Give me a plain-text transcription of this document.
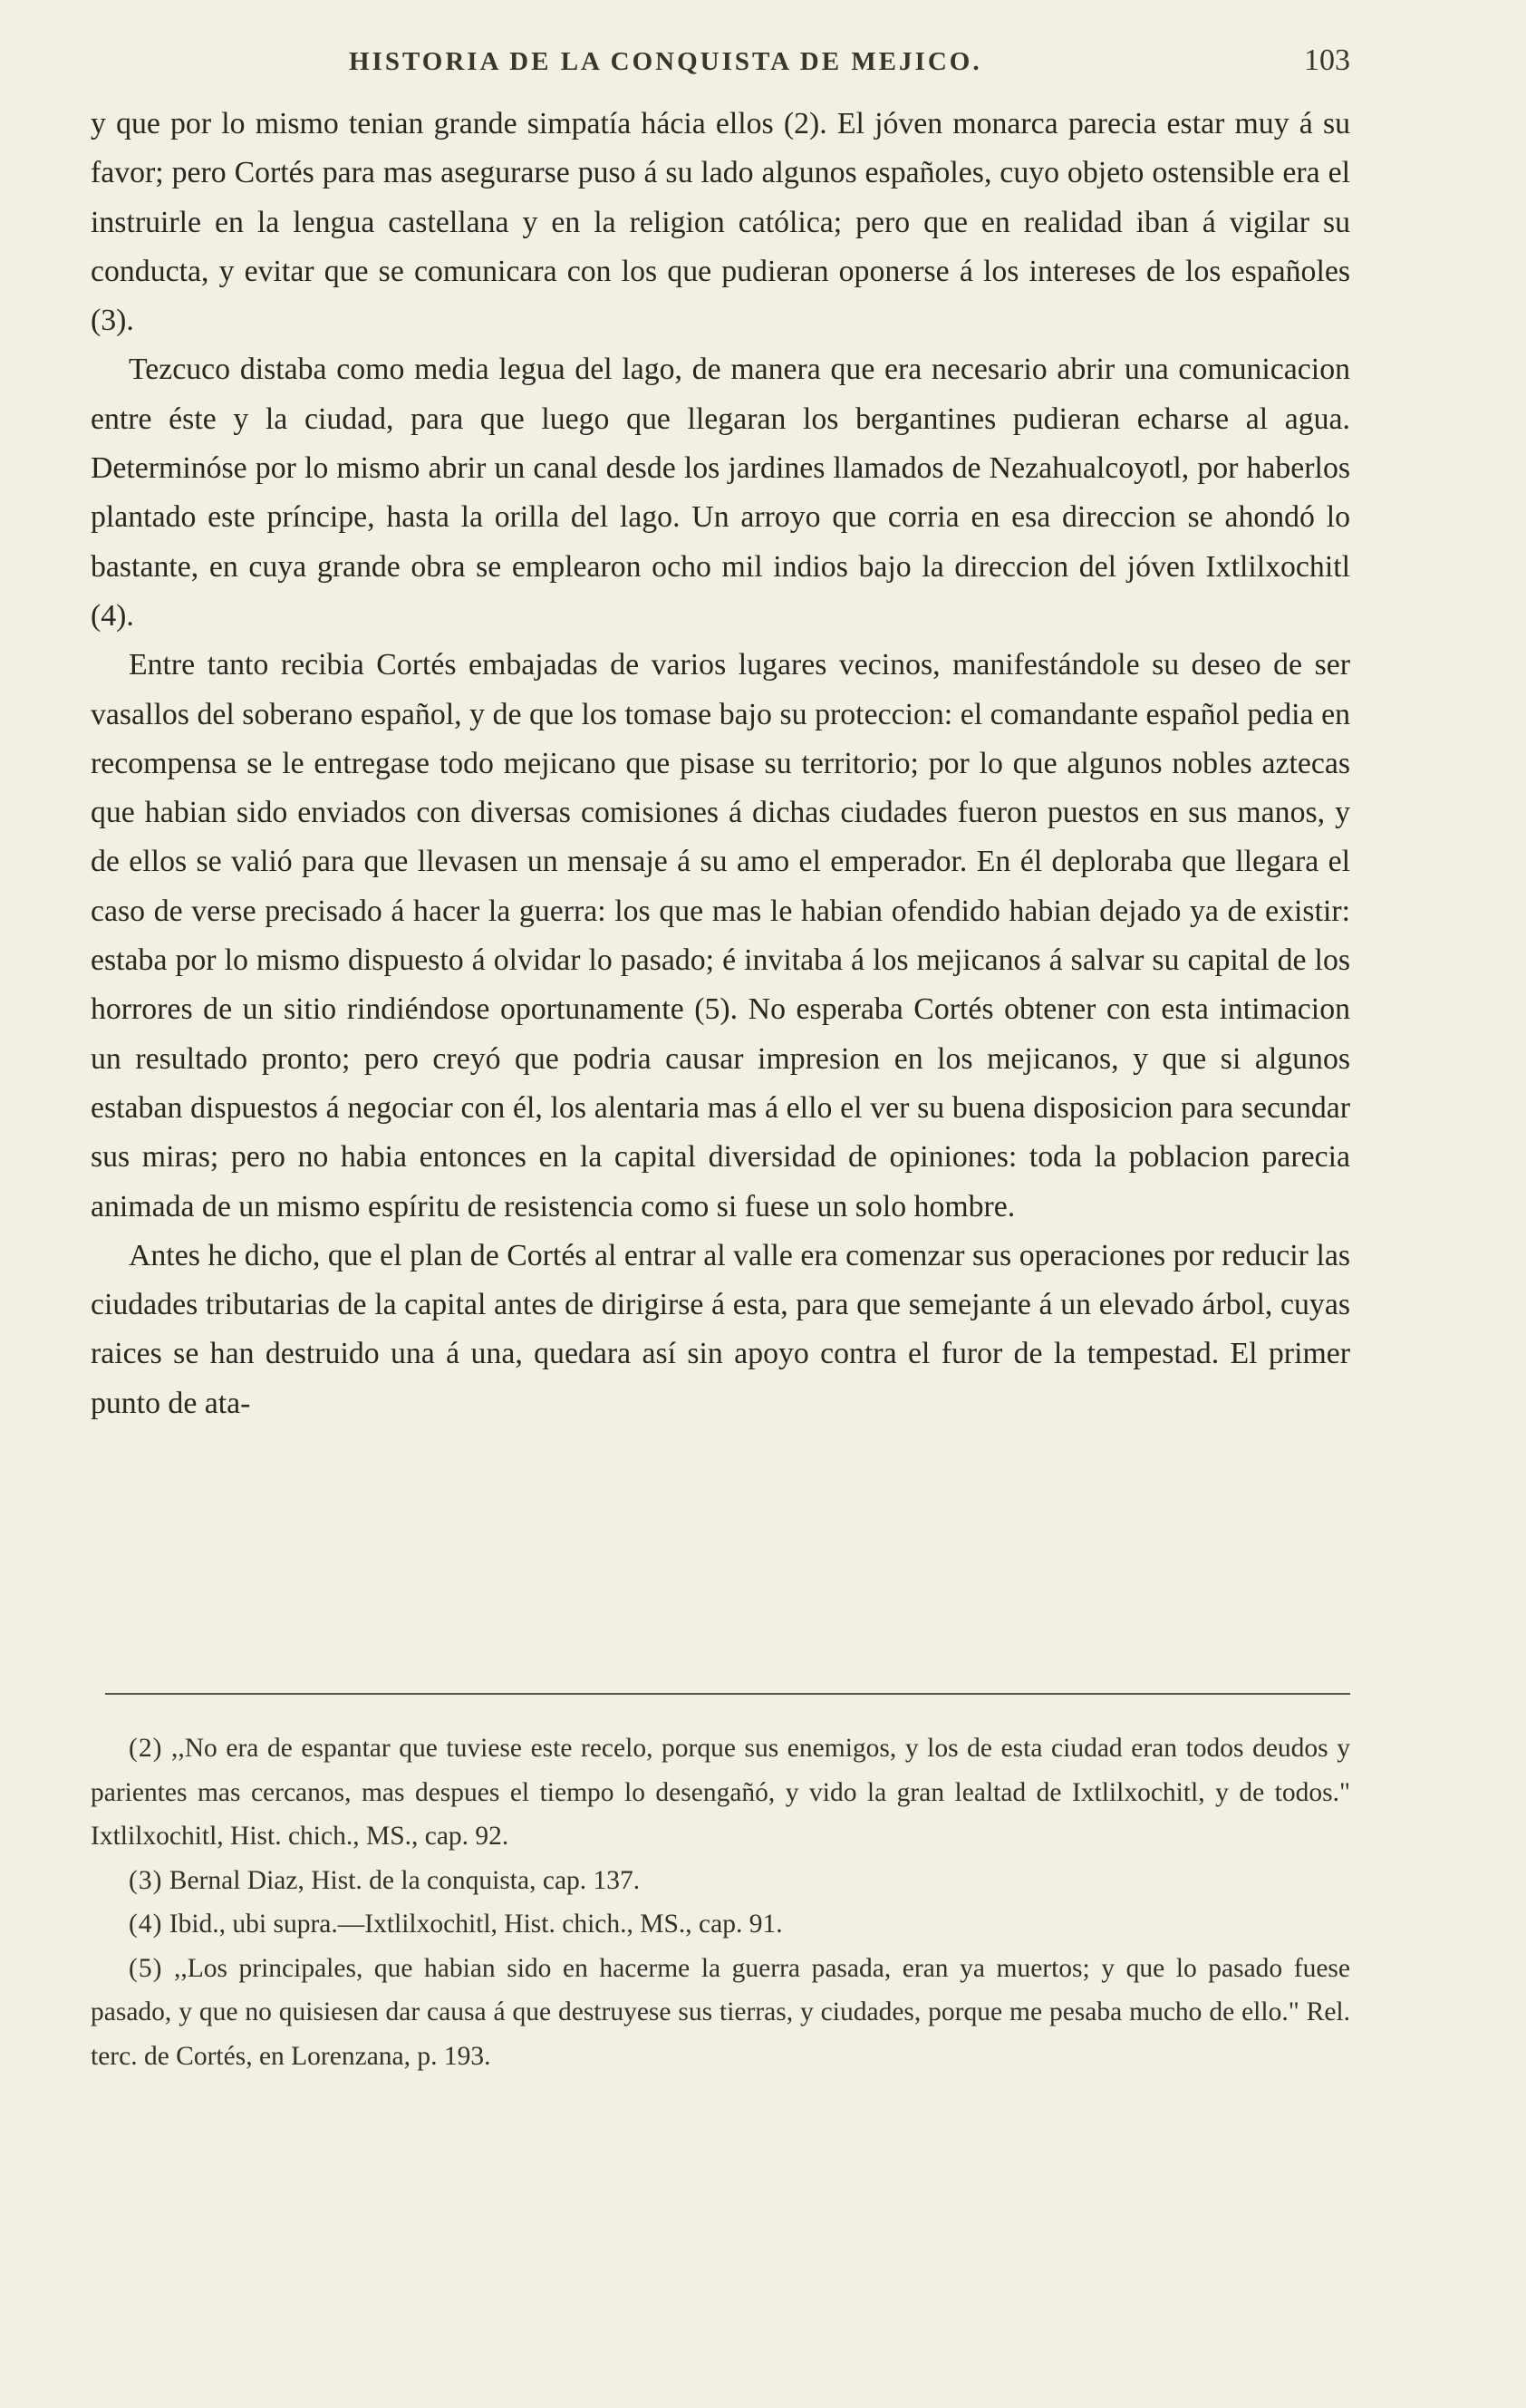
HISTORIA DE LA CONQUISTA DE MEJICO.	103

y que por lo mismo tenian grande simpatía hácia ellos (2). El jóven monarca parecia estar muy á su favor; pero Cortés para mas asegurarse puso á su lado algunos españoles, cuyo objeto ostensible era el instruirle en la lengua castellana y en la religion católica; pero que en realidad iban á vigilar su conducta, y evitar que se comunicara con los que pudieran oponerse á los intereses de los españoles (3).

Tezcuco distaba como media legua del lago, de manera que era necesario abrir una comunicacion entre éste y la ciudad, para que luego que llegaran los bergantines pudieran echarse al agua. Determinóse por lo mismo abrir un canal desde los jardines llamados de Nezahualcoyotl, por haberlos plantado este príncipe, hasta la orilla del lago. Un arroyo que corria en esa direccion se ahondó lo bastante, en cuya grande obra se emplearon ocho mil indios bajo la direccion del jóven Ixtlilxochitl (4).

Entre tanto recibia Cortés embajadas de varios lugares vecinos, manifestándole su deseo de ser vasallos del soberano español, y de que los tomase bajo su proteccion: el comandante español pedia en recompensa se le entregase todo mejicano que pisase su territorio; por lo que algunos nobles aztecas que habian sido enviados con diversas comisiones á dichas ciudades fueron puestos en sus manos, y de ellos se valió para que llevasen un mensaje á su amo el emperador. En él deploraba que llegara el caso de verse precisado á hacer la guerra: los que mas le habian ofendido habian dejado ya de existir: estaba por lo mismo dispuesto á olvidar lo pasado; é invitaba á los mejicanos á salvar su capital de los horrores de un sitio rindiéndose oportunamente (5). No esperaba Cortés obtener con esta intimacion un resultado pronto; pero creyó que podria causar impresion en los mejicanos, y que si algunos estaban dispuestos á negociar con él, los alentaria mas á ello el ver su buena disposicion para secundar sus miras; pero no habia entonces en la capital diversidad de opiniones: toda la poblacion parecia animada de un mismo espíritu de resistencia como si fuese un solo hombre.

Antes he dicho, que el plan de Cortés al entrar al valle era comenzar sus operaciones por reducir las ciudades tributarias de la capital antes de dirigirse á esta, para que semejante á un elevado árbol, cuyas raices se han destruido una á una, quedara así sin apoyo contra el furor de la tempestad. El primer punto de ata-

(2) ,,No era de espantar que tuviese este recelo, porque sus enemigos, y los de esta ciudad eran todos deudos y parientes mas cercanos, mas despues el tiempo lo desengañó, y vido la gran lealtad de Ixtlilxochitl, y de todos." Ixtlilxochitl, Hist. chich., MS., cap. 92.

(3) Bernal Diaz, Hist. de la conquista, cap. 137.

(4) Ibid., ubi supra.—Ixtlilxochitl, Hist. chich., MS., cap. 91.

(5) ,,Los principales, que habian sido en hacerme la guerra pasada, eran ya muertos; y que lo pasado fuese pasado, y que no quisiesen dar causa á que destruyese sus tierras, y ciudades, porque me pesaba mucho de ello." Rel. terc. de Cortés, en Lorenzana, p. 193.
